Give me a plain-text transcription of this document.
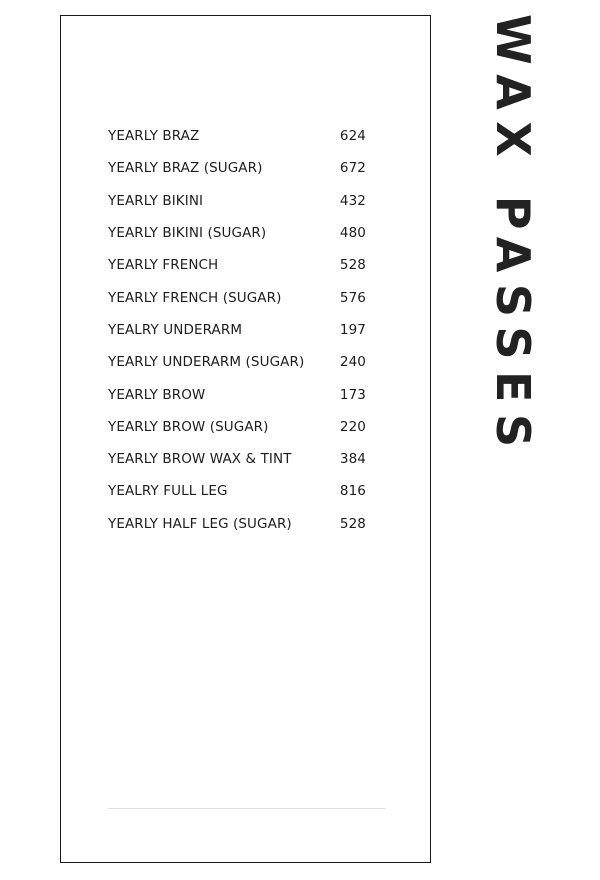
YEARLY BRAZ	624
YEARLY BRAZ (SUGAR)	672
YEARLY BIKINI	432
YEARLY BIKINI (SUGAR)	480
YEARLY FRENCH	528
YEARLY FRENCH (SUGAR)	576
YEALRY UNDERARM	197
YEARLY UNDERARM (SUGAR)	240
YEARLY BROW	173
YEARLY BROW (SUGAR)	220
YEARLY BROW WAX & TINT	384
YEALRY FULL LEG	816
YEARLY HALF LEG (SUGAR)	528
WAX PASSES
